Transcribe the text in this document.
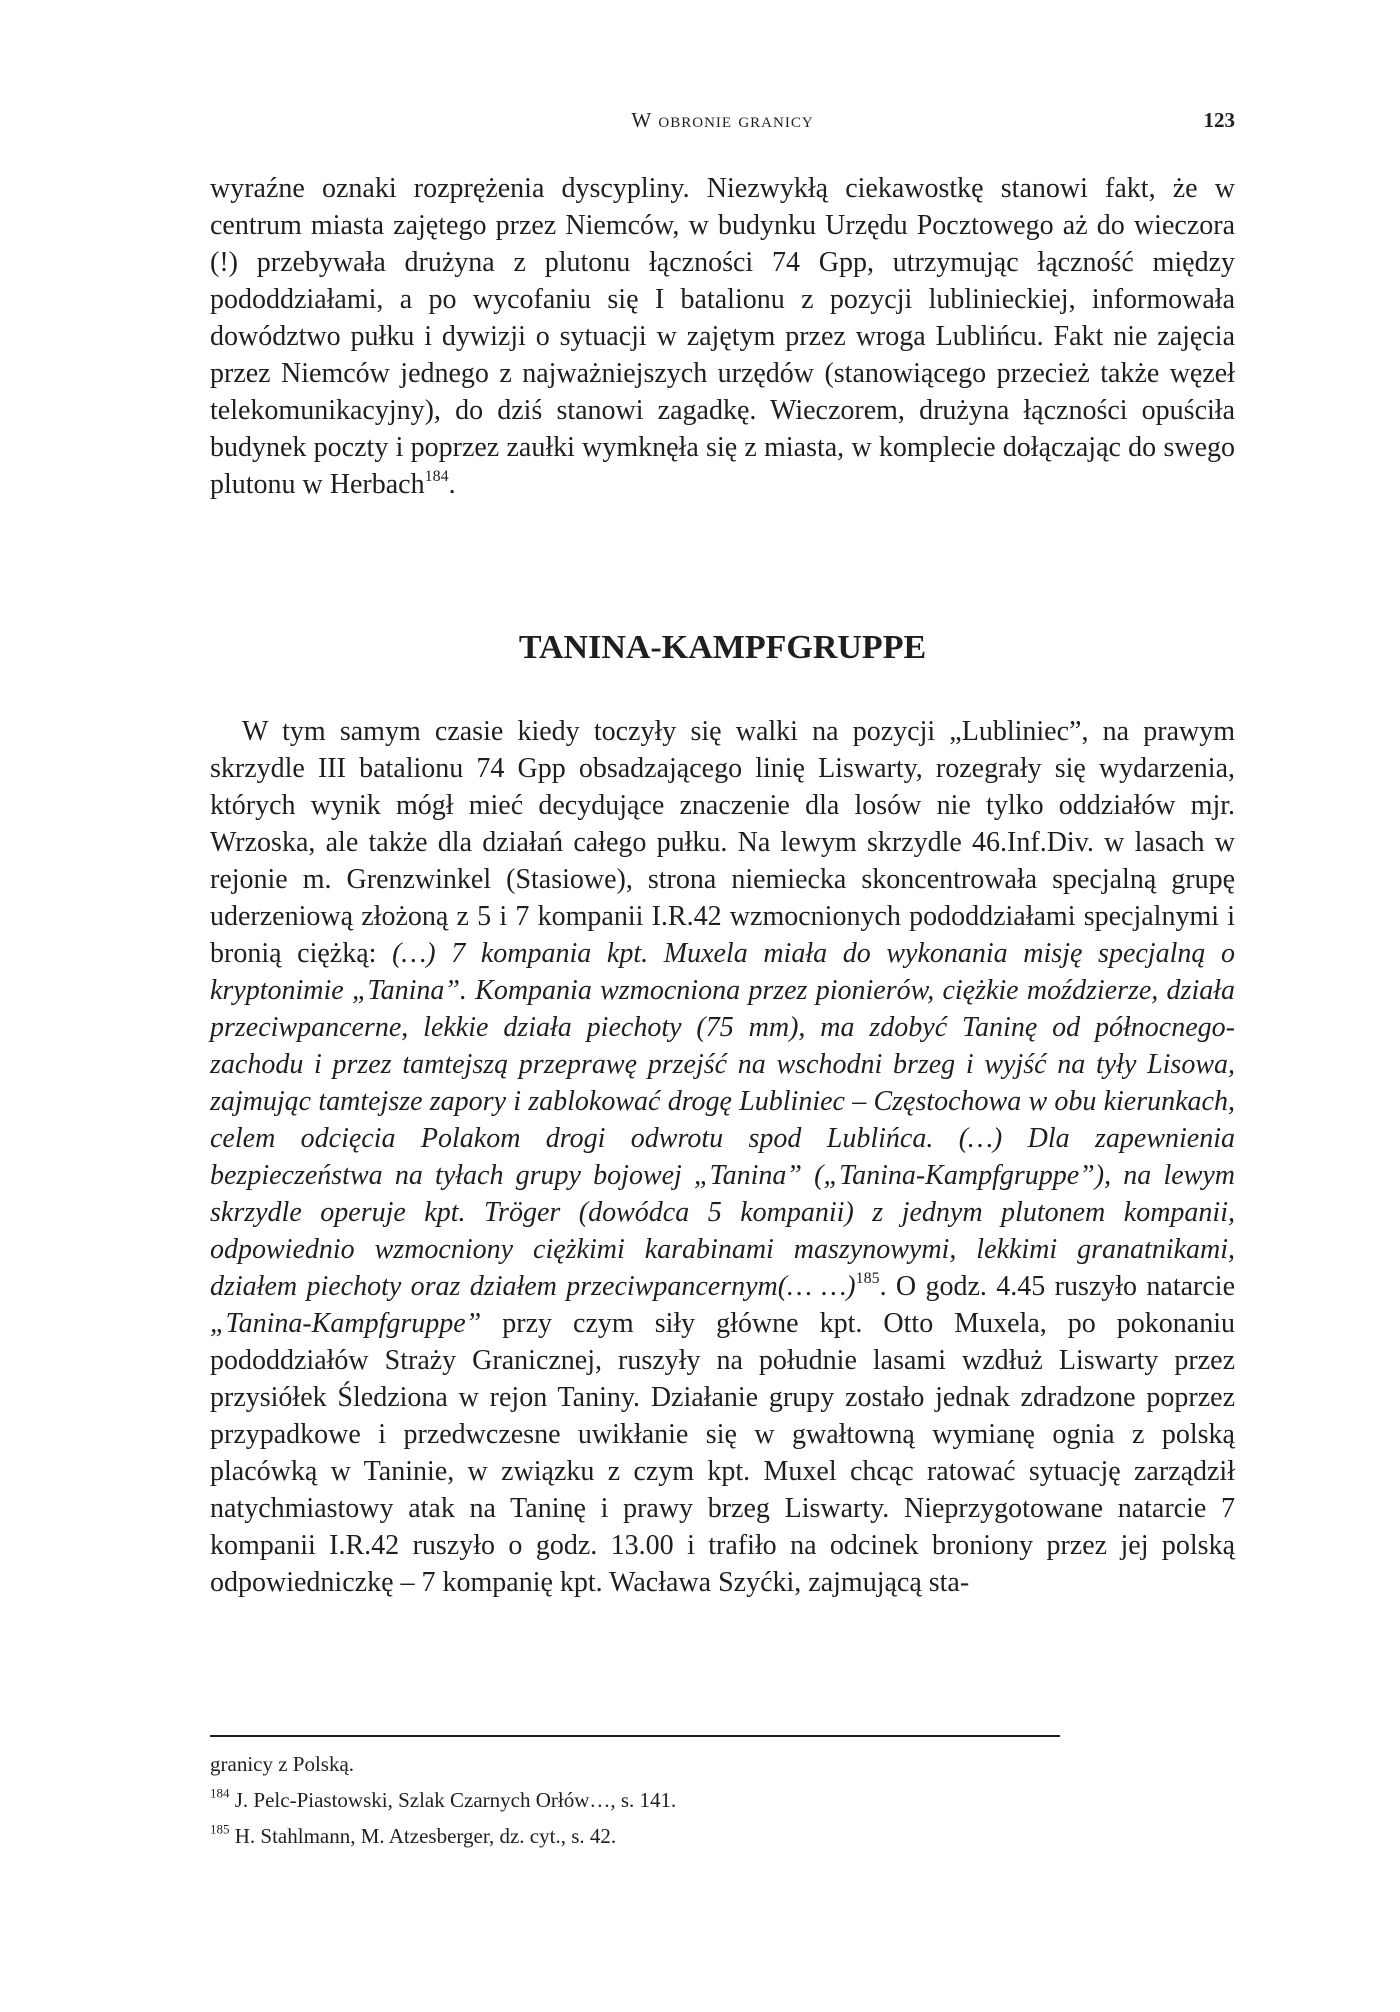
W obronie granicy	123

wyraźne oznaki rozprężenia dyscypliny. Niezwykłą ciekawostkę stanowi fakt, że w centrum miasta zajętego przez Niemców, w budynku Urzędu Pocztowego aż do wieczora (!) przebywała drużyna z plutonu łączności 74 Gpp, utrzymując łączność między pododdziałami, a po wycofaniu się I batalionu z pozycji lublinieckiej, informowała dowództwo pułku i dywizji o sytuacji w zajętym przez wroga Lublińcu. Fakt nie zajęcia przez Niemców jednego z najważniejszych urzędów (stanowiącego przecież także węzeł telekomunikacyjny), do dziś stanowi zagadkę. Wieczorem, drużyna łączności opuściła budynek poczty i poprzez zaułki wymknęła się z miasta, w komplecie dołączając do swego plutonu w Herbach$^{184}$.

TANINA-KAMPFGRUPPE

W tym samym czasie kiedy toczyły się walki na pozycji „Lubliniec”, na prawym skrzydle III batalionu 74 Gpp obsadzającego linię Liswarty, rozegrały się wydarzenia, których wynik mógł mieć decydujące znaczenie dla losów nie tylko oddziałów mjr. Wrzoska, ale także dla działań całego pułku. Na lewym skrzydle 46.Inf.Div. w lasach w rejonie m. Grenzwinkel (Stasiowe), strona niemiecka skoncentrowała specjalną grupę uderzeniową złożoną z 5 i 7 kompanii I.R.42 wzmocnionych pododdziałami specjalnymi i bronią ciężką: (…) 7 kompania kpt. Muxela miała do wykonania misję specjalną o kryptonimie „Tanina”. Kompania wzmocniona przez pionierów, ciężkie moździerze, działa przeciwpancerne, lekkie działa piechoty (75 mm), ma zdobyć Taninę od północnego-zachodu i przez tamtejszą przeprawę przejść na wschodni brzeg i wyjść na tyły Lisowa, zajmując tamtejsze zapory i zablokować drogę Lubliniec – Częstochowa w obu kierunkach, celem odcięcia Polakom drogi odwrotu spod Lublińca. (…) Dla zapewnienia bezpieczeństwa na tyłach grupy bojowej „Tanina” („Tanina-Kampfgruppe”), na lewym skrzydle operuje kpt. Tröger (dowódca 5 kompanii) z jednym plutonem kompanii, odpowiednio wzmocniony ciężkimi karabinami maszynowymi, lekkimi granatnikami, działem piechoty oraz działem przeciwpancernym(… …)$^{185}$. O godz. 4.45 ruszyło natarcie „Tanina-Kampfgruppe” przy czym siły główne kpt. Otto Muxela, po pokonaniu pododdziałów Straży Granicznej, ruszyły na południe lasami wzdłuż Liswarty przez przysiółek Śledziona w rejon Taniny. Działanie grupy zostało jednak zdradzone poprzez przypadkowe i przedwczesne uwikłanie się w gwałtowną wymianę ognia z polską placówką w Taninie, w związku z czym kpt. Muxel chcąc ratować sytuację zarządził natychmiastowy atak na Taninę i prawy brzeg Liswarty. Nieprzygotowane natarcie 7 kompanii I.R.42 ruszyło o godz. 13.00 i trafiło na odcinek broniony przez jej polską odpowiedniczkę – 7 kompanię kpt. Wacława Szyćki, zajmującą sta-

granicy z Polską.

$^{184}$ J. Pelc-Piastowski, Szlak Czarnych Orłów…, s. 141.

$^{185}$ H. Stahlmann, M. Atzesberger, dz. cyt., s. 42.
